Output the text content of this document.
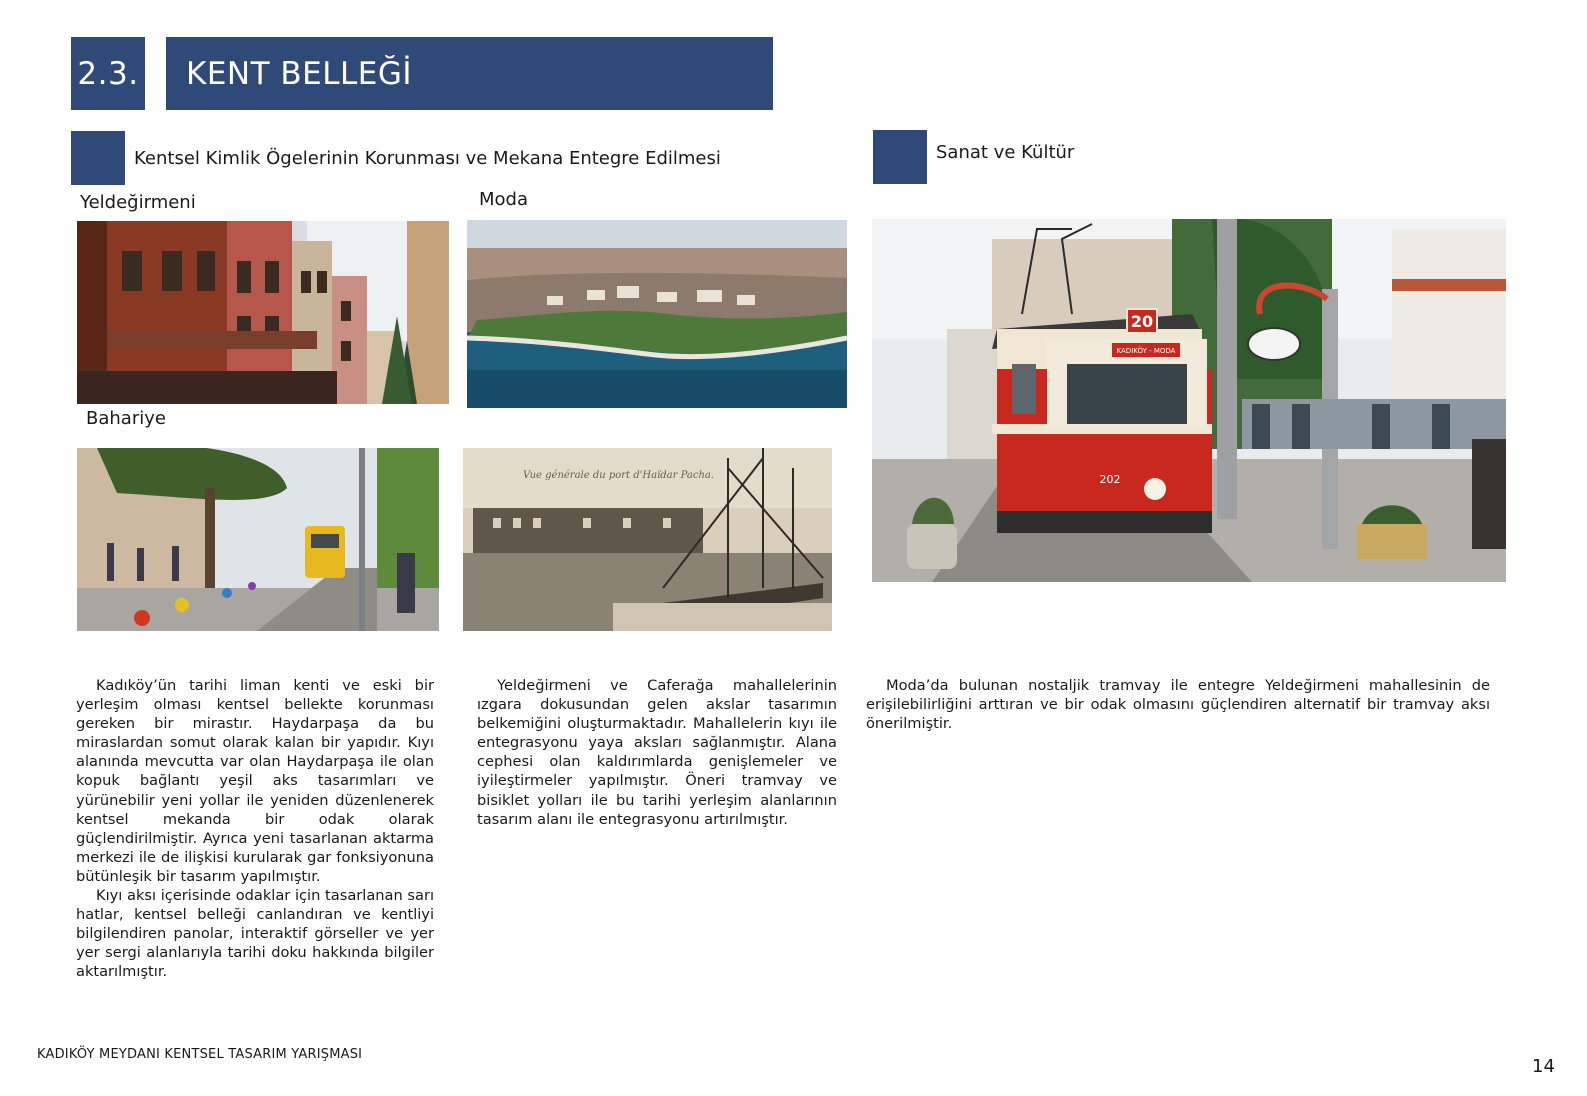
2.3. KENT BELLEĞİ
Kentsel Kimlik Ögelerinin Korunması ve Mekana Entegre Edilmesi	Sanat ve Kültür
Yeldeğirmeni	Moda
Bahariye
Vue générale du port d'Haïdar Pacha.
20
KADIKÖY - MODA
202

Kadıköy’ün tarihi liman kenti ve eski bir yerleşim olması kentsel bellekte korunması gereken bir mirastır. Haydarpaşa da bu miraslardan somut olarak kalan bir yapıdır. Kıyı alanında mevcutta var olan Haydarpaşa ile olan kopuk bağlantı yeşil aks tasarımları ve yürünebilir yeni yollar ile yeniden düzenlenerek kentsel mekanda bir odak olarak güçlendirilmiştir. Ayrıca yeni tasarlanan aktarma merkezi ile de ilişkisi kurularak gar fonksiyonuna bütünleşik bir tasarım yapılmıştır.

Kıyı aksı içerisinde odaklar için tasarlanan sarı hatlar, kentsel belleği canlandıran ve kentliyi bilgilendiren panolar, interaktif görseller ve yer yer sergi alanlarıyla tarihi doku hakkında bilgiler aktarılmıştır.

Yeldeğirmeni ve Caferağa mahallelerinin ızgara dokusundan gelen akslar tasarımın belkemiğini oluşturmaktadır. Mahallelerin kıyı ile entegrasyonu yaya aksları sağlanmıştır. Alana cephesi olan kaldırımlarda genişlemeler ve iyileştirmeler yapılmıştır. Öneri tramvay ve bisiklet yolları ile bu tarihi yerleşim alanlarının tasarım alanı ile entegrasyonu artırılmıştır.

Moda’da bulunan nostaljik tramvay ile entegre Yeldeğirmeni mahallesinin de erişilebilirliğini arttıran ve bir odak olmasını güçlendiren alternatif bir tramvay aksı önerilmiştir.

KADIKÖY MEYDANI KENTSEL TASARIM YARIŞMASI
14
